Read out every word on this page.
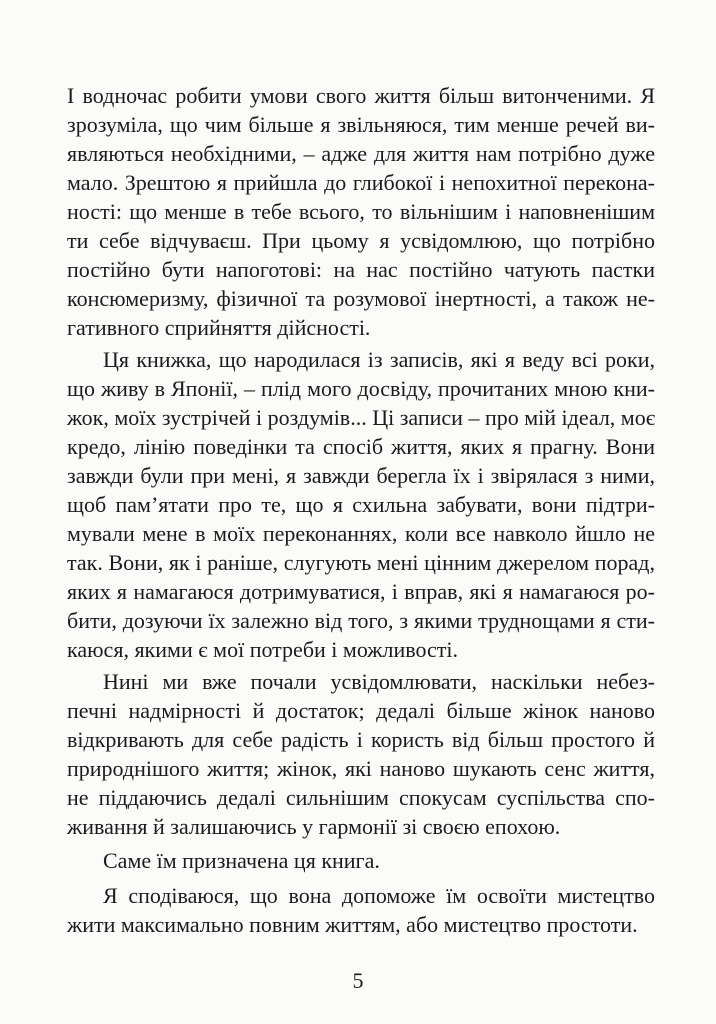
І водночас робити умови свого життя більш витонченими. Я
зрозуміла, що чим більше я звільняюся, тим менше речей ви-
являються необхідними, – адже для життя нам потрібно дуже
мало. Зрештою я прийшла до глибокої і непохитної перекона-
ності: що менше в тебе всього, то вільнішим і наповненішим
ти себе відчуваєш. При цьому я усвідомлюю, що потрібно
постійно бути напоготові: на нас постійно чатують пастки
консюмеризму, фізичної та розумової інертності, а також не-
гативного сприйняття дійсності.
Ця книжка, що народилася із записів, які я веду всі роки,
що живу в Японії, – плід мого досвіду, прочитаних мною кни-
жок, моїх зустрічей і роздумів... Ці записи – про мій ідеал, моє
кредо, лінію поведінки та спосіб життя, яких я прагну. Вони
завжди були при мені, я завжди берегла їх і звірялася з ними,
щоб пам’ятати про те, що я схильна забувати, вони підтри-
мували мене в моїх переконаннях, коли все навколо йшло не
так. Вони, як і раніше, слугують мені цінним джерелом порад,
яких я намагаюся дотримуватися, і вправ, які я намагаюся ро-
бити, дозуючи їх залежно від того, з якими труднощами я сти-
каюся, якими є мої потреби і можливості.
Нині ми вже почали усвідомлювати, наскільки небез-
печні надмірності й достаток; дедалі більше жінок наново
відкривають для себе радість і користь від більш простого й
природнішого життя; жінок, які наново шукають сенс життя,
не піддаючись дедалі сильнішим спокусам суспільства спо-
живання й залишаючись у гармонії зі своєю епохою.
Саме їм призначена ця книга.
Я сподіваюся, що вона допоможе їм освоїти мистецтво
жити максимально повним життям, або мистецтво простоти.
5
